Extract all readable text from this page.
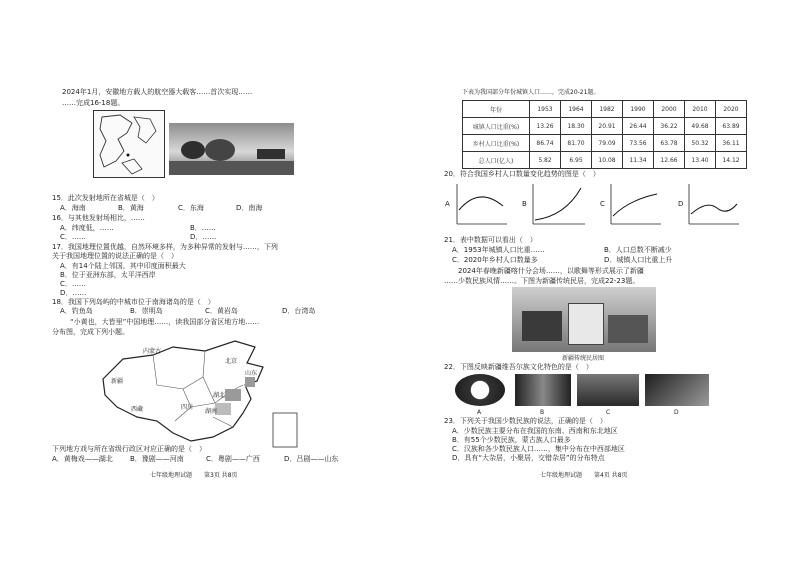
2024年1月，安徽地方载人的航空器大载客……首次实现……
……完成16-18题。
15．此次发射地所在省城是（　）
A．海南	B．黄海	C．东海	D．南海
16．与其他发射场相比，……
A．纬度低，……	B．……
C．……	D．……
17．我国地理位置优越，自然环境多样，为多种异常的发射与……，下列
关于我国地理位置的说法正确的是（　）
A．有14个陆上邻国，其中印度面积最大
B．位于亚洲东部，太平洋西岸
C．……
D．……
18．我国下列岛屿的中城市位于南海诸岛的是（　）
A．钓鱼岛	B．崇明岛	C．黄岩岛	D．台湾岛
“小黄也，大皆里”中国地理……，读我国部分省区地方地……
分布图，完成下列小题。
内蒙古
新疆
西藏	四川
北京
山东
湖北
湖南
下列地方戏与所在省级行政区对应正确的是（　）
A．黄梅戏——湖北 B．豫剧——河南	C．粤剧——广西	D．吕剧——山东
七年级地理试题　　第3页 共8页
下表为我国部分年份城镇人口……，完成20-21题。
年份	1953	1964	1982	1990	2000	2010	2020
城镇人口比重(%)	13.26	18.30	20.91	26.44	36.22	49.68	63.89
乡村人口比重(%)	86.74	81.70	79.09	73.56	63.78	50.32	36.11
总人口(亿人)	5.82	6.95	10.08	11.34	12.66	13.40	14.12
20．符合我国乡村人口数量变化趋势的图是（　）
A	B	C	D
21．表中数据可以看出（　）
A．1953年城镇人口比重……	B．人口总数不断减少
C．2020年乡村人口数量多	D．城镇人口比重上升
2024年春晚新疆喀什分会场……，以歌舞等形式展示了新疆
……少数民族风情……。下图为新疆传统民居，完成22-23题。
新疆传统民居图
22．下图反映新疆维吾尔族文化特色的是（　）
A	B	C	D
23．下列关于我国少数民族的说法，正确的是（　）
A．少数民族主要分布在我国的东南、西南和东北地区
B．有55个少数民族，蒙古族人口最多
C．汉族和各少数民族人口……，集中分布在中西部地区
D．具有“大杂居，小聚居，交错杂居”的分布特点
七年级地理试题　　第4页 共8页
